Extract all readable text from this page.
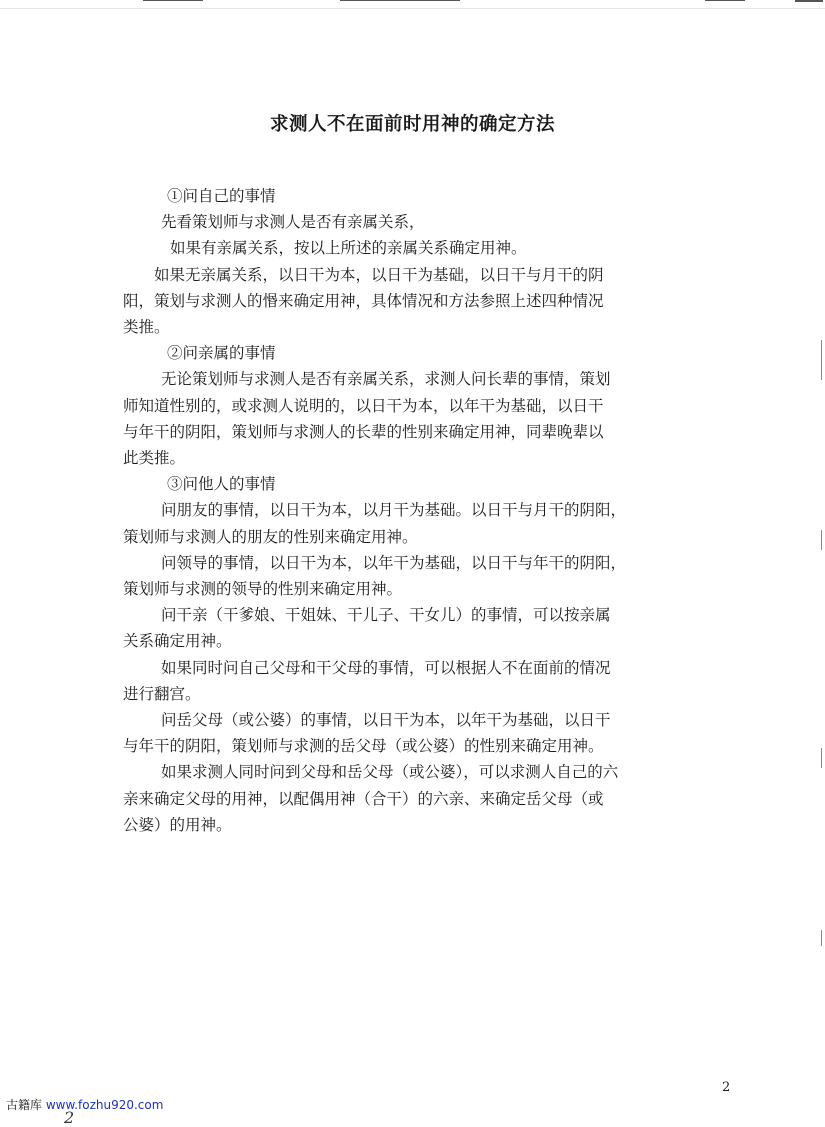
求测人不在面前时用神的确定方法
①问自己的事情
先看策划师与求测人是否有亲属关系，
如果有亲属关系，按以上所述的亲属关系确定用神。
如果无亲属关系，以日干为本，以日干为基础，以日干与月干的阴
阳，策划与求测人的惽来确定用神，具体情况和方法参照上述四种情况
类推。
②问亲属的事情
无论策划师与求测人是否有亲属关系，求测人问长辈的事情，策划
师知道性别的，或求测人说明的，以日干为本，以年干为基础，以日干
与年干的阴阳，策划师与求测人的长辈的性别来确定用神，同辈晚辈以
此类推。
③问他人的事情
问朋友的事情，以日干为本，以月干为基础。以日干与月干的阴阳，
策划师与求测人的朋友的性别来确定用神。
问领导的事情，以日干为本，以年干为基础，以日干与年干的阴阳，
策划师与求测的领导的性别来确定用神。
问干亲（干爹娘、干姐妹、干儿子、干女儿）的事情，可以按亲属
关系确定用神。
如果同时问自己父母和干父母的事情，可以根据人不在面前的情况
进行翻宫。
问岳父母（或公婆）的事情，以日干为本，以年干为基础，以日干
与年干的阴阳，策划师与求测的岳父母（或公婆）的性别来确定用神。
如果求测人同时问到父母和岳父母（或公婆），可以求测人自己的六
亲来确定父母的用神，以配偶用神（合干）的六亲、来确定岳父母（或
公婆）的用神。
2
古籍库 www.fozhu920.com
2
